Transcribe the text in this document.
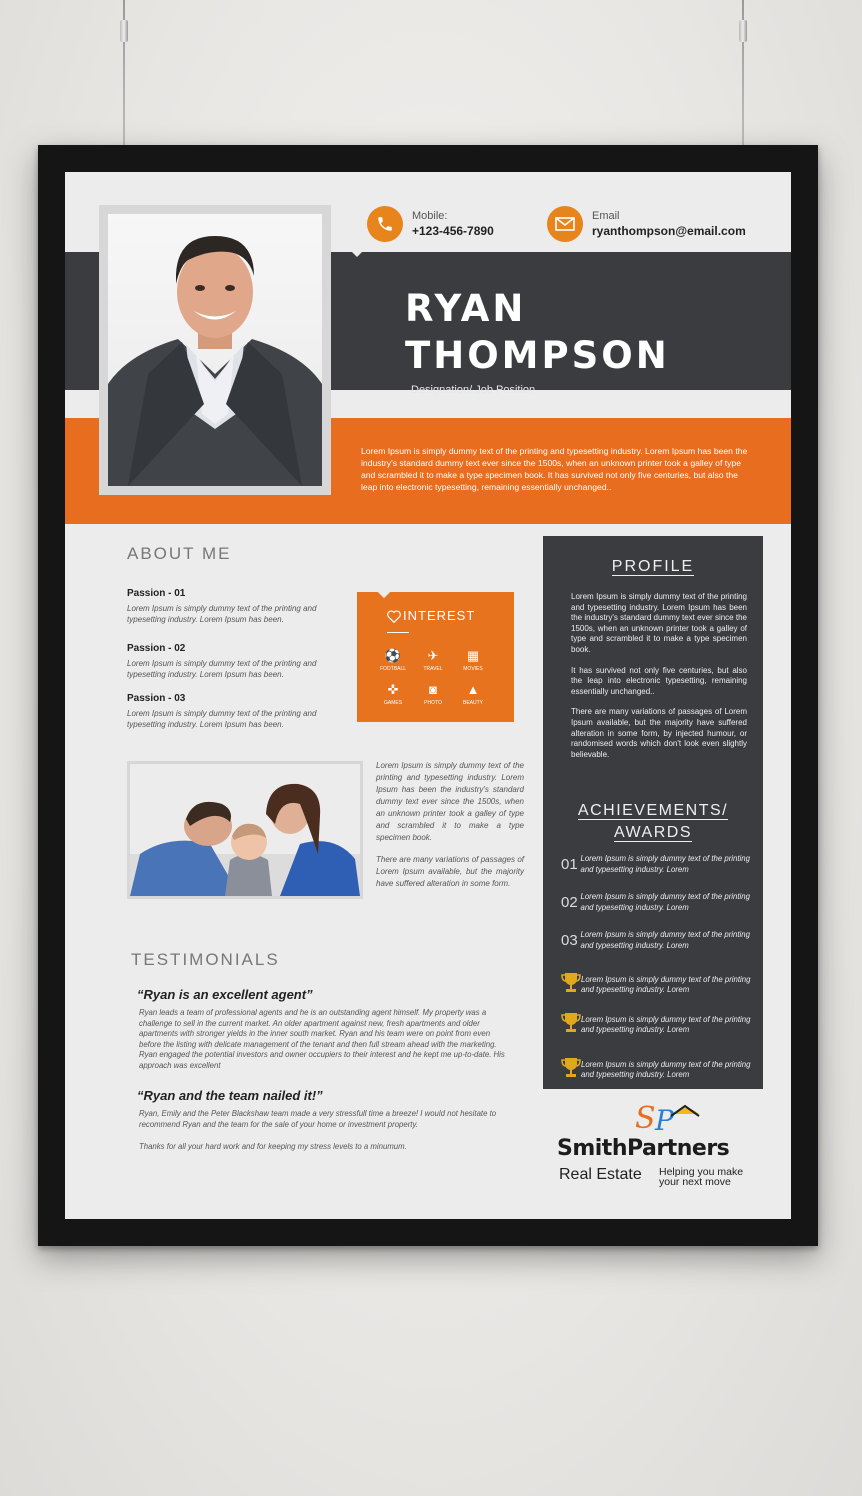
Mobile:
+123-456-7890
Email
ryanthompson@email.com
RYAN
THOMPSON
Designation/ Job Position
Lorem Ipsum is simply dummy text of the printing and typesetting industry. Lorem Ipsum has been the industry's standard dummy text ever since the 1500s, when an unknown printer took a galley of type and scrambled it to make a type specimen book. It has survived not only five centuries, but also the leap into electronic typesetting, remaining essentially unchanged..
ABOUT ME
Passion - 01

Lorem Ipsum is simply dummy text of the printing and typesetting industry. Lorem Ipsum has been.

Passion - 02

Lorem Ipsum is simply dummy text of the printing and typesetting industry. Lorem Ipsum has been.

Passion - 03

Lorem Ipsum is simply dummy text of the printing and typesetting industry. Lorem Ipsum has been.

INTEREST
⚽
FOOTBALL
✈
TRAVEL
▦
MOVIES
✜
GAMES
◙
PHOTO
▲
BEAUTY

Lorem Ipsum is simply dummy text of the printing and typesetting industry. Lorem Ipsum has been the industry's standard dummy text ever since the 1500s, when an unknown printer took a galley of type and scrambled it to make a type specimen book.

There are many variations of passages of Lorem Ipsum available, but the majority have suffered alteration in some form.

TESTIMONIALS
“Ryan is an excellent agent”
Ryan leads a team of professional agents and he is an outstanding agent himself. My property was a challenge to sell in the current market. An older apartment against new, fresh apartments and older apartments with stronger yields in the inner south market. Ryan and his team were on point from even before the listing with delicate management of the tenant and then full stream ahead with the marketing. Ryan engaged the potential investors and owner occupiers to their interest and he kept me up-to-date. His approach was excellent
“Ryan and the team nailed it!”
Ryan, Emily and the Peter Blackshaw team made a very stressfull time a breeze! I would not hesitate to recommend Ryan and the team for the sale of your home or investment property.
Thanks for all your hard work and for keeping my stress levels to a minumum.
PROFILE

Lorem Ipsum is simply dummy text of the printing and typesetting industry. Lorem Ipsum has been the industry's standard dummy text ever since the 1500s, when an unknown printer took a galley of type and scrambled it to make a type specimen book.

It has survived not only five centuries, but also the leap into electronic typesetting, remaining essentially unchanged..

There are many variations of passages of Lorem Ipsum available, but the majority have suffered alteration in some form, by injected humour, or randomised words which don't look even slightly believable.

ACHIEVEMENTS/
AWARDS
01 Lorem Ipsum is simply dummy text of the printing and typesetting industry. Lorem
02 Lorem Ipsum is simply dummy text of the printing and typesetting industry. Lorem
03 Lorem Ipsum is simply dummy text of the printing and typesetting industry. Lorem
Lorem Ipsum is simply dummy text of the printing and typesetting industry. Lorem
Lorem Ipsum is simply dummy text of the printing and typesetting industry. Lorem
Lorem Ipsum is simply dummy text of the printing and typesetting industry. Lorem
S P
SmithPartners
Real Estate Helping you make
your next move
